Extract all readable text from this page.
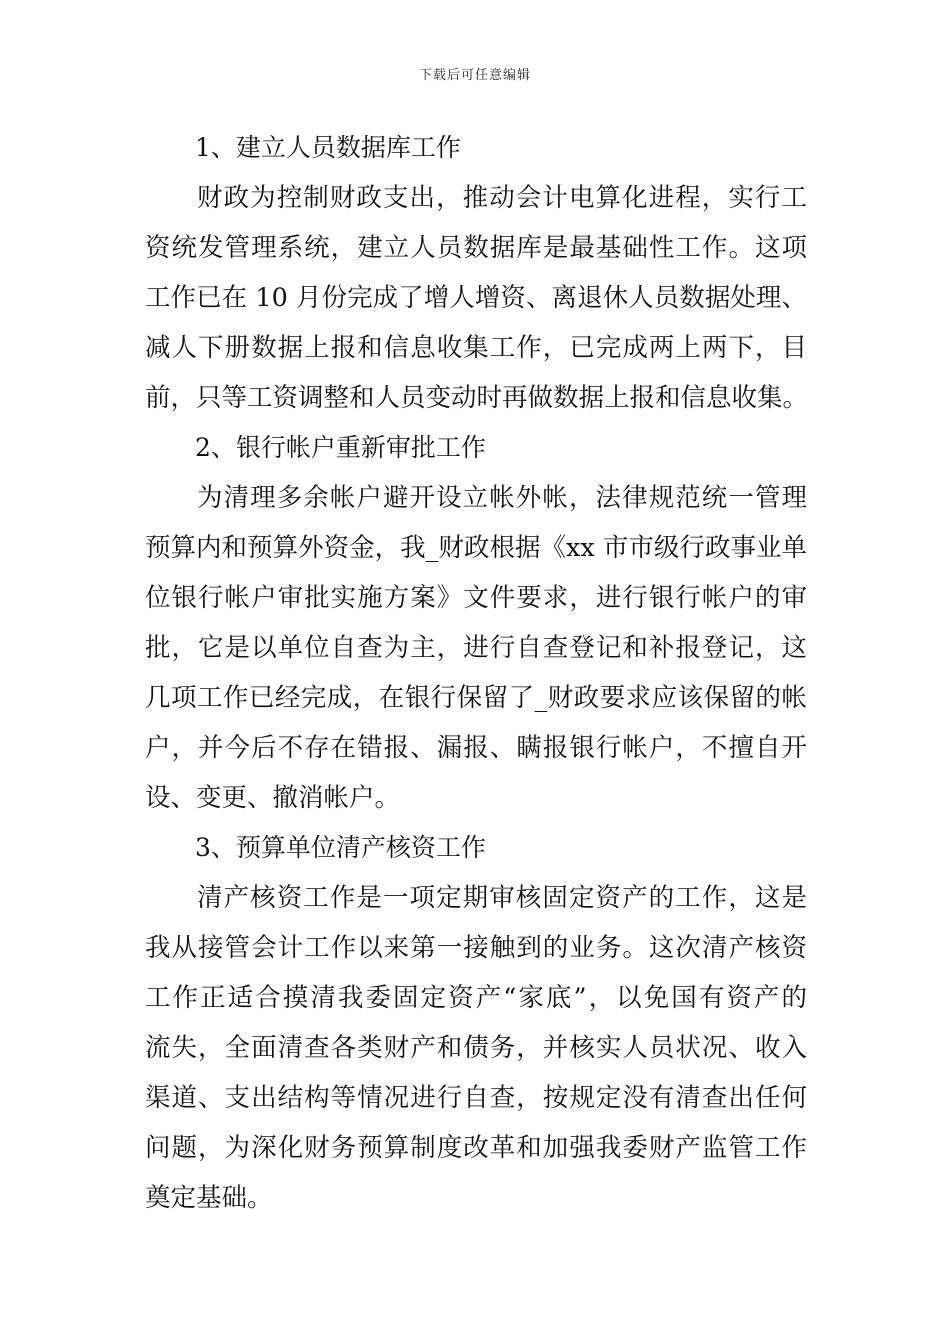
下载后可任意编辑
1、建立人员数据库工作

财政为控制财政支出，推动会计电算化进程，实行工
资统发管理系统，建立人员数据库是最基础性工作。这项
工作已在 10 月份完成了增人增资、离退休人员数据处理、
减人下册数据上报和信息收集工作，已完成两上两下，目
前，只等工资调整和人员变动时再做数据上报和信息收集。

2、银行帐户重新审批工作

为清理多余帐户避开设立帐外帐，法律规范统一管理
预算内和预算外资金，我_财政根据《xx 市市级行政事业单
位银行帐户审批实施方案》文件要求，进行银行帐户的审
批，它是以单位自查为主，进行自查登记和补报登记，这
几项工作已经完成，在银行保留了_财政要求应该保留的帐
户，并今后不存在错报、漏报、瞒报银行帐户，不擅自开
设、变更、撤消帐户。

3、预算单位清产核资工作

清产核资工作是一项定期审核固定资产的工作，这是
我从接管会计工作以来第一接触到的业务。这次清产核资
工作正适合摸清我委固定资产“家底”，以免国有资产的
流失，全面清查各类财产和债务，并核实人员状况、收入
渠道、支出结构等情况进行自查，按规定没有清查出任何
问题，为深化财务预算制度改革和加强我委财产监管工作
奠定基础。
